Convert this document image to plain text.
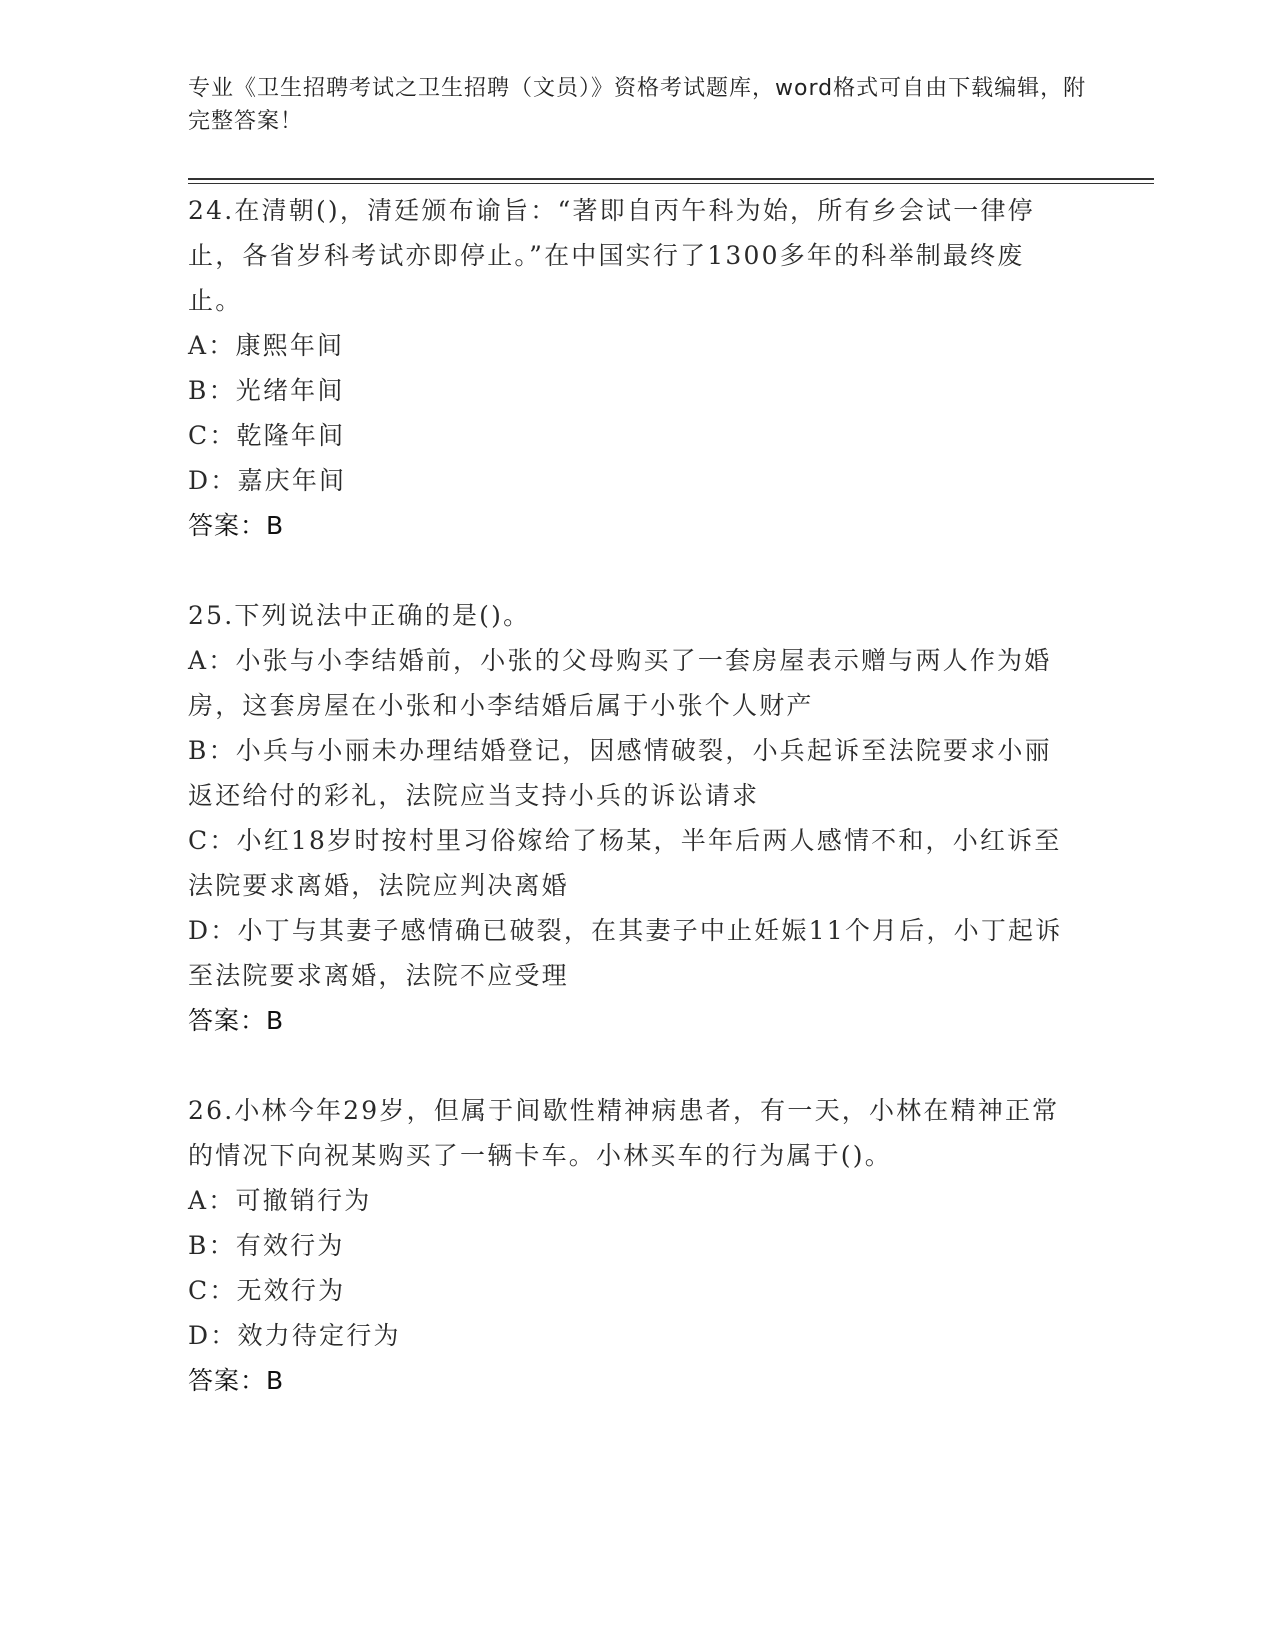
专业《卫生招聘考试之卫生招聘（文员）》资格考试题库，word格式可自由下载编辑，附完整答案！

24.在清朝()，清廷颁布谕旨：“著即自丙午科为始，所有乡会试一律停止，各省岁科考试亦即停止。”在中国实行了1300多年的科举制最终废止。

A：康熙年间

B：光绪年间

C：乾隆年间

D：嘉庆年间

答案：B

25.下列说法中正确的是()。

A：小张与小李结婚前，小张的父母购买了一套房屋表示赠与两人作为婚房，这套房屋在小张和小李结婚后属于小张个人财产

B：小兵与小丽未办理结婚登记，因感情破裂，小兵起诉至法院要求小丽返还给付的彩礼，法院应当支持小兵的诉讼请求

C：小红18岁时按村里习俗嫁给了杨某，半年后两人感情不和，小红诉至法院要求离婚，法院应判决离婚

D：小丁与其妻子感情确已破裂，在其妻子中止妊娠11个月后，小丁起诉至法院要求离婚，法院不应受理

答案：B

26.小林今年29岁，但属于间歇性精神病患者，有一天，小林在精神正常的情况下向祝某购买了一辆卡车。小林买车的行为属于()。

A：可撤销行为

B：有效行为

C：无效行为

D：效力待定行为

答案：B
